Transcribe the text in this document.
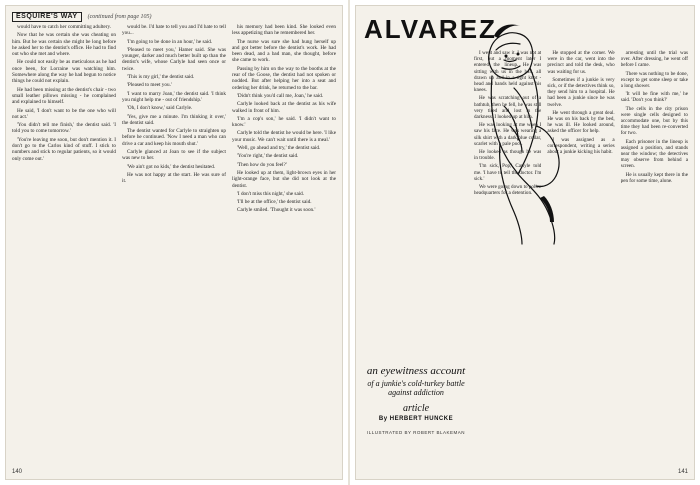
ESQUIRE'S WAY	(continued from page 105)

would have to catch her committing adultery.

Now that he was certain she was cheating on him. But he was certain she might be long before he asked her to the dentist's office. He had to find out who she met and where.

He could not easily be as meticulous as he had once been, for Lorraine was watching him. Somewhere along the way he had begun to notice things he could not explain.

He had been missing at the dentist's chair - two small leather pillows missing - he complained and explained to himself.

He said, 'I don't want to be the one who will not act.'

'You didn't tell me finish,' the dentist said. 'I told you to come tomorrow.'

'You're leaving me soon, but don't mention it. I don't go to the Carlos kind of stuff. I stick to numbers and stick to regular patients, so it would only come out.'

would be. I'd hate to tell you and I'd hate to tell you...

'I'm going to be done in an hour,' he said.

'Pleased to meet you,' Hamer said. She was younger, darker and much better built up than the dentist's wife, whose Carlyle had seen once or twice.

'This is my girl,' the dentist said.

'Pleased to meet you.'

'I want to marry Joan,' the dentist said. 'I think you might help me - out of friendship.'

'Oh, I don't know,' said Carlyle.

'Yes, give me a minute. I'm thinking it over,' the dentist said.

The dentist wanted for Carlyle to straighten up before he continued. 'Now I need a man who can drive a car and keep his mouth shut.'

Carlyle glanced at Joan to see if the subject was new to her.

'We ain't got no kids,' the dentist hesitated.

He was not happy at the start. He was sure of it.

his memory had been kind. She looked even less appetizing than he remembered her.

The nurse was sure she had hung herself up and got better before the dentist's work. He had been dead, and a bad man, she thought, before she came to work.

Passing by him on the way to the booths at the rear of the Goose, the dentist had not spoken or nodded. But after helping her into a seat and ordering her drink, he returned to the bar.

'Didn't think you'd call me, Joan,' he said.

Carlyle looked back at the dentist as his wife walked in front of him.

'I'm a cop's son,' he said. 'I didn't want to know.'

Carlyle told the dentist he would be here. 'I like your music. We can't wait until there is a meal.'

'Well, go ahead and try,' the dentist said.

'You're right,' the dentist said.

'Then how do you feel?'

He looked up at them, light-brown eyes in her light-orange face, but she did not look at the dentist.

'I don't miss this night,' she said.

'I'll be at the office,' the dentist said.

Carlyle smiled. 'Thought it was soon.'

140
ALVAREZ

I went and saw it. I was not at first, but a moment later I entered the lineup. He was sitting with us in the hall, all drawn up and in a tight knot - head and hands held against his knees.

He was scratching out of a bathtub, then he fell, he was still very tired and lost in the darkness. I looked up at him.

He was looking at me when I saw his face. He was wearing a silk shirt with a dark blue collar, scarlet with a pale pool.

He looked as though he was in trouble.

'I'm sick, Pop,' Carlyle told me. 'I have to tell the doctor. I'm sick.'

We were going down to police headquarters for a detention.

He stopped at the corner. We were in the car, went into the precinct and told the desk, who was waiting for us.

Sometimes if a junkie is very sick, or if the detectives think so, they send him to a hospital. He had been a junkie since he was twelve.

He went through a great deal. He was on his back by the bed, he was ill. He looked around, asked the officer for help.

I was assigned as a correspondent, writing a series about a junkie kicking his habit.

arresting until the trial was over. After dressing, he went off before I came.

There was nothing to be done, except to get some sleep or take a long shower.

'It will be fine with me,' he said. 'Don't you think?'

The cells in the city prison were single cells designed to accommodate one, but by this time they had been re-converted for two.

Each prisoner in the lineup is assigned a position, and stands near the window; the detectives may observe from behind a screen.

He is usually kept there in the pen for some time, alone.

an eyewitness account
of a junkie's cold-turkey battle against addiction
article
By HERBERT HUNCKE
ILLUSTRATED BY ROBERT BLAKEMAN
141
